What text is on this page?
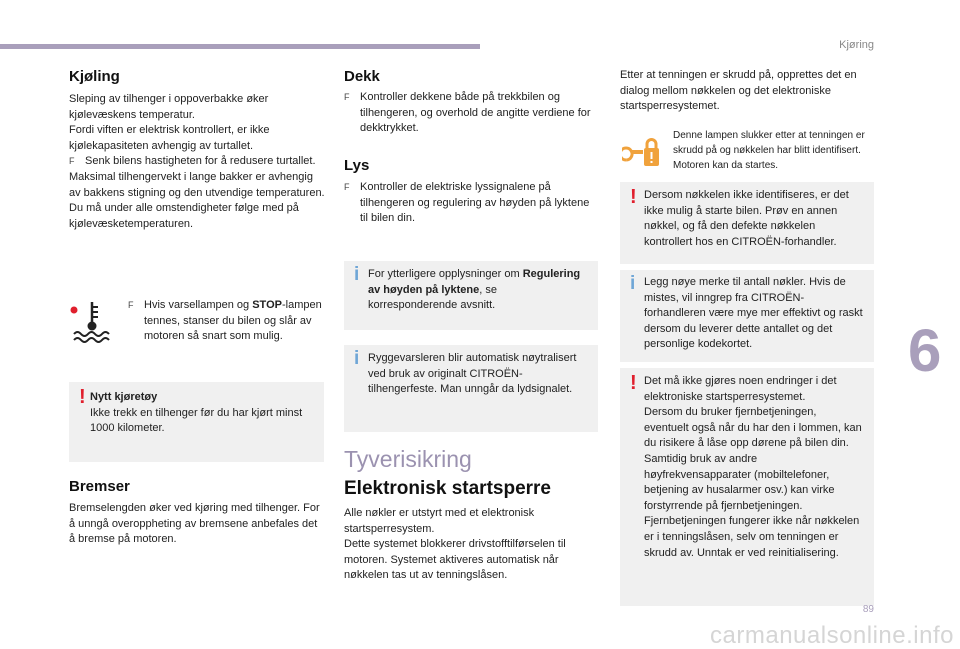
Kjøring
6
Kjøling
Sleping av tilhenger i oppoverbakke øker kjølevæskens temperatur.
Fordi viften er elektrisk kontrollert, er ikke kjølekapasiteten avhengig av turtallet.
F Senk bilens hastigheten for å redusere turtallet.
Maksimal tilhengervekt i lange bakker er avhengig av bakkens stigning og den utvendige temperaturen.
Du må under alle omstendigheter følge med på kjølevæsketemperaturen.
F Hvis varsellampen og STOP-lampen tennes, stanser du bilen og slår av motoren så snart som mulig.
! Nytt kjøretøy
Ikke trekk en tilhenger før du har kjørt minst 1000 kilometer.
Bremser
Bremselengden øker ved kjøring med tilhenger. For å unngå overoppheting av bremsene anbefales det å bremse på motoren.
Dekk
F Kontroller dekkene både på trekkbilen og tilhengeren, og overhold de angitte verdiene for dekktrykket.
Lys
F Kontroller de elektriske lyssignalene på tilhengeren og regulering av høyden på lyktene til bilen din.
i For ytterligere opplysninger om Regulering av høyden på lyktene, se korresponderende avsnitt.
i Ryggevarsleren blir automatisk nøytralisert ved bruk av originalt CITROËN-tilhengerfeste. Man unngår da lydsignalet.
Tyverisikring
Elektronisk startsperre
Alle nøkler er utstyrt med et elektronisk startsperresystem.
Dette systemet blokkerer drivstofftilførselen til motoren. Systemet aktiveres automatisk når nøkkelen tas ut av tenningslåsen.
Etter at tenningen er skrudd på, opprettes det en dialog mellom nøkkelen og det elektroniske startsperresystemet.
Denne lampen slukker etter at tenningen er skrudd på og nøkkelen har blitt identifisert. Motoren kan da startes.
! Dersom nøkkelen ikke identifiseres, er det ikke mulig å starte bilen. Prøv en annen nøkkel, og få den defekte nøkkelen kontrollert hos en CITROËN-forhandler.
i Legg nøye merke til antall nøkler. Hvis de mistes, vil inngrep fra CITROËN-forhandleren være mye mer effektivt og raskt dersom du leverer dette antallet og det personlige kodekortet.
! Det må ikke gjøres noen endringer i det elektroniske startsperresystemet.
Dersom du bruker fjernbetjeningen, eventuelt også når du har den i lommen, kan du risikere å låse opp dørene på bilen din.
Samtidig bruk av andre høyfrekvensapparater (mobiltelefoner, betjening av husalarmer osv.) kan virke forstyrrende på fjernbetjeningen.
Fjernbetjeningen fungerer ikke når nøkkelen er i tenningslåsen, selv om tenningen er skrudd av. Unntak er ved reinitialisering.
89
carmanualsonline.info
